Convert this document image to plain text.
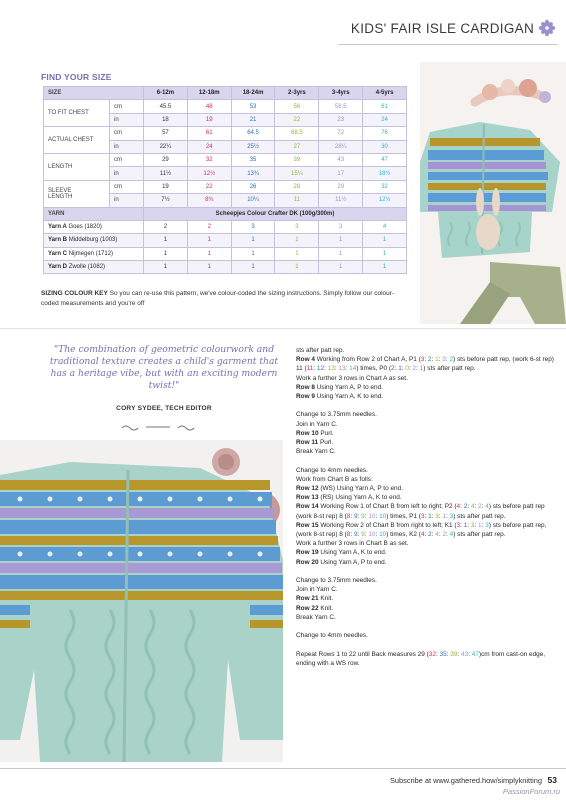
KIDS' FAIR ISLE CARDIGAN
FIND YOUR SIZE
SIZE		6-12m	12-18m	18-24m	2-3yrs	3-4yrs	4-5yrs
TO FIT CHEST	cm	45.5	48	53	56	58.5	61
	in	18	19	21	22	23	24
ACTUAL CHEST	cm	57	61	64.5	68.5	72	76
	in	22¼	24	25½	27	28¼	30
LENGTH	cm	29	32	35	39	43	47
	in	11½	12½	13¾	15¼	17	18½
SLEEVE
LENGTH	cm	19	22	26	28	29	32
	in	7½	8¾	10¼	11	11½	12½
YARN		Scheepjes Colour Crafter DK (100g/300m)					
Yarn A Goes (1820)		2	2	3	3	3	4
Yarn B Middelburg (1003)		1	1	1	1	1	1
Yarn C Nijmegen (1712)		1	1	1	1	1	1
Yarn D Zwolle (1082)		1	1	1	1	1	1
SIZING COLOUR KEY So you can re-use this pattern, we've colour-coded the sizing instructions. Simply follow our colour-coded measurements and you're off
"The combination of geometric colourwork and traditional texture creates a child's garment that has a heritage vibe, but with an exciting modern twist!"
CORY SYDEE, TECH EDITOR

sts after patt rep.

Row 4 Working from Row 2 of Chart A, P1 (3: 2: 1: 3: 2) sts before patt rep, (work 6-st rep) 11 (11: 12: 13: 13: 14) times, P0 (2: 1: 0: 2: 1) sts after patt rep.

Work a further 3 rows in Chart A as set.

Row 8 Using Yarn A, P to end.

Row 9 Using Yarn A, K to end.

Change to 3.75mm needles.

Join in Yarn C.

Row 10 Purl.

Row 11 Purl.

Break Yarn C.

Change to 4mm needles.

Work from Chart B as folls:

Row 12 (WS) Using Yarn A, P to end.

Row 13 (RS) Using Yarn A, K to end.

Row 14 Working Row 1 of Chart B from left to right; P2 (4: 2: 4: 2: 4) sts before patt rep (work 8-st rep) 8 (8: 9: 9: 10: 10) times, P1 (3: 1: 3: 1: 3) sts after patt rep.

Row 15 Working Row 2 of Chart B from right to left; K1 (3: 1: 3: 1: 3) sts before patt rep, (work 8-st rep) 8 (8: 9: 9: 10: 10) times, K2 (4: 2: 4: 2: 4) sts after patt rep.

Work a further 3 rows in Chart B as set.

Row 19 Using Yarn A, K to end.

Row 20 Using Yarn A, P to end.

Change to 3.75mm needles.

Join in Yarn C.

Row 21 Knit.

Row 22 Knit.

Break Yarn C.

Change to 4mm needles.

Repeat Rows 1 to 22 until Back measures 29 (32: 35: 39: 43: 47)cm from cast-on edge, ending with a WS row.

Subscribe at www.gathered.how/simplyknitting 53
PassionForum.ru
